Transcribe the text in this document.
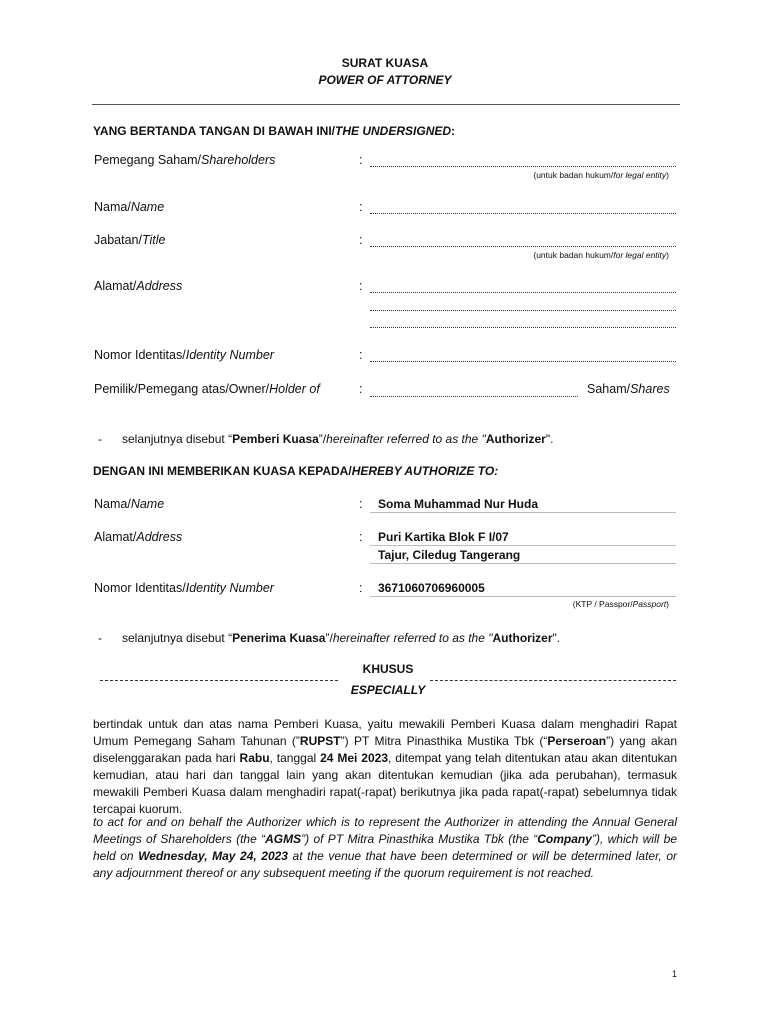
SURAT KUASA
POWER OF ATTORNEY
YANG BERTANDA TANGAN DI BAWAH INI/THE UNDERSIGNED:
Pemegang Saham/Shareholders	:
(untuk badan hukum/for legal entity)
Nama/Name	:
Jabatan/Title	:
(untuk badan hukum/for legal entity)
Alamat/Address	:
Nomor Identitas/Identity Number	:
Pemilik/Pemegang atas/Owner/Holder of	:	Saham/Shares
- selanjutnya disebut “Pemberi Kuasa”/hereinafter referred to as the "Authorizer".
DENGAN INI MEMBERIKAN KUASA KEPADA/HEREBY AUTHORIZE TO:
Nama/Name	: Soma Muhammad Nur Huda
Alamat/Address	: Puri Kartika Blok F I/07
Tajur, Ciledug Tangerang
Nomor Identitas/Identity Number	: 3671060706960005
(KTP / Passpor/Passport)
- selanjutnya disebut “Penerima Kuasa”/hereinafter referred to as the "Authorizer".
KHUSUS
ESPECIALLY
bertindak untuk dan atas nama Pemberi Kuasa, yaitu mewakili Pemberi Kuasa dalam menghadiri Rapat Umum Pemegang Saham Tahunan (”RUPST”) PT Mitra Pinasthika Mustika Tbk (“Perseroan”) yang akan diselenggarakan pada hari Rabu, tanggal 24 Mei 2023, ditempat yang telah ditentukan atau akan ditentukan kemudian, atau hari dan tanggal lain yang akan ditentukan kemudian (jika ada perubahan), termasuk mewakili Pemberi Kuasa dalam menghadiri rapat(-rapat) berikutnya jika pada rapat(-rapat) sebelumnya tidak tercapai kuorum.
to act for and on behalf the Authorizer which is to represent the Authorizer in attending the Annual General Meetings of Shareholders (the “AGMS”) of PT Mitra Pinasthika Mustika Tbk (the “Company”), which will be held on Wednesday, May 24, 2023 at the venue that have been determined or will be determined later, or any adjournment thereof or any subsequent meeting if the quorum requirement is not reached.
1
